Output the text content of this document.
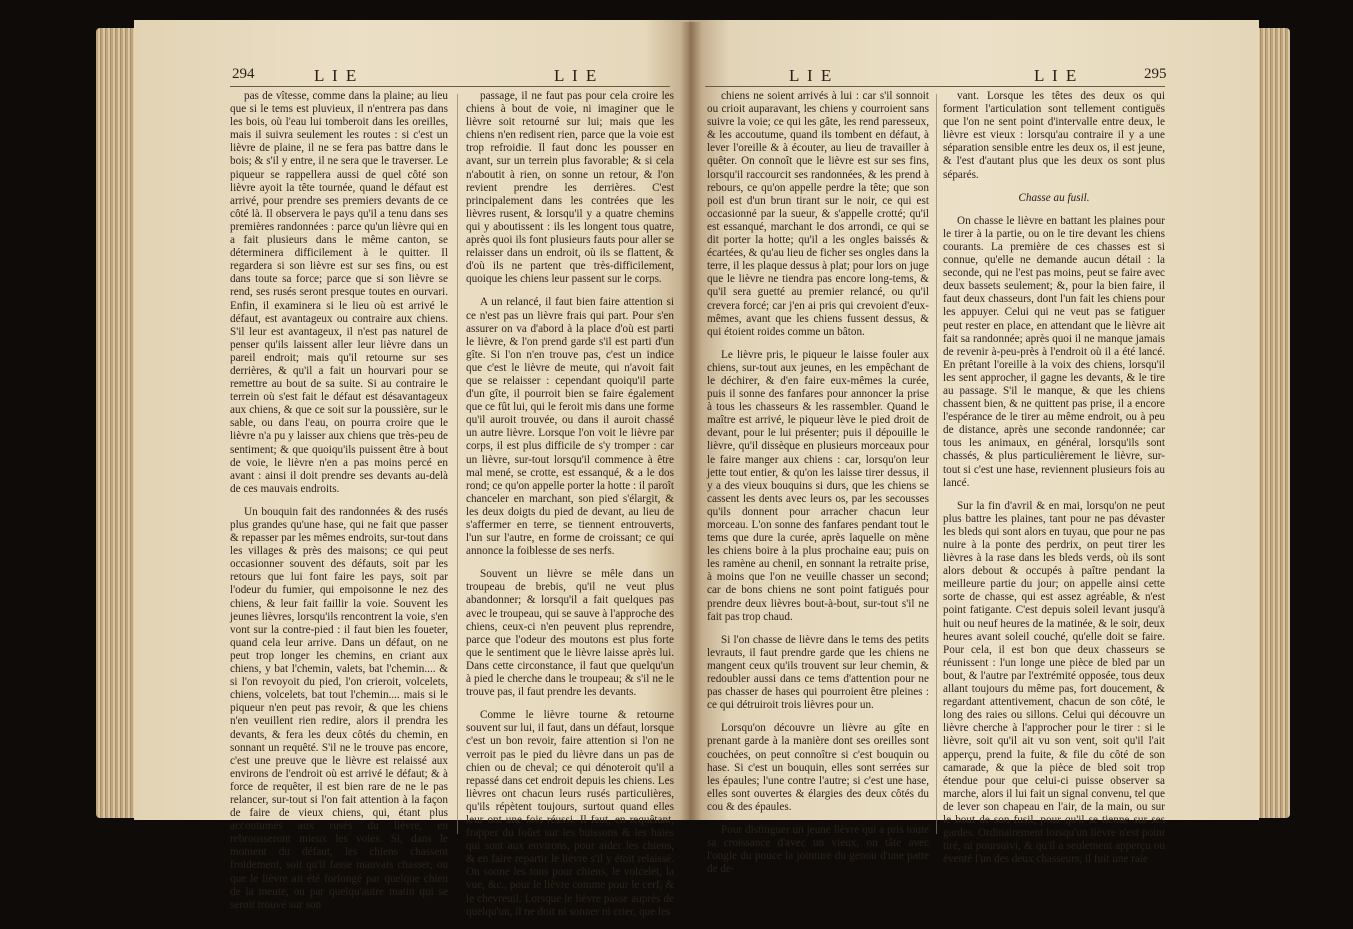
294	L I E	L I E

pas de vîtesse, comme dans la plaine; au lieu que si le tems est pluvieux, il n'entrera pas dans les bois, où l'eau lui tomberoit dans les oreilles, mais il suivra seulement les routes : si c'est un lièvre de plaine, il ne se fera pas battre dans le bois; & s'il y entre, il ne sera que le traverser. Le piqueur se rappellera aussi de quel côté son lièvre ayoit la tête tournée, quand le défaut est arrivé, pour prendre ses premiers devants de ce côté là. Il observera le pays qu'il a tenu dans ses premières randonnées : parce qu'un lièvre qui en a fait plusieurs dans le même canton, se déterminera difficilement à le quitter. Il regardera si son lièvre est sur ses fins, ou est dans toute sa force; parce que si son lièvre se rend, ses rusés seront presque toutes en ourvari. Enfin, il examinera si le lieu où est arrivé le défaut, est avantageux ou contraire aux chiens. S'il leur est avantageux, il n'est pas naturel de penser qu'ils laissent aller leur lièvre dans un pareil endroit; mais qu'il retourne sur ses derrières, & qu'il a fait un hourvari pour se remettre au bout de sa suite. Si au contraire le terrein où s'est fait le défaut est désavantageux aux chiens, & que ce soit sur la poussière, sur le sable, ou dans l'eau, on pourra croire que le lièvre n'a pu y laisser aux chiens que très-peu de sentiment; & que quoiqu'ils puissent être à bout de voie, le lièvre n'en a pas moins percé en avant : ainsi il doit prendre ses devants au-delà de ces mauvais endroits.

Un bouquin fait des randonnées & des rusés plus grandes qu'une hase, qui ne fait que passer & repasser par les mêmes endroits, sur-tout dans les villages & près des maisons; ce qui peut occasionner souvent des défauts, soit par les retours que lui font faire les pays, soit par l'odeur du fumier, qui empoisonne le nez des chiens, & leur fait faillir la voie. Souvent les jeunes lièvres, lorsqu'ils rencontrent la voie, s'en vont sur la contre-pied : il faut bien les foueter, quand cela leur arrive. Dans un défaut, on ne peut trop longer les chemins, en criant aux chiens, y bat l'chemin, valets, bat l'chemin.... & si l'on revoyoit du pied, l'on crieroit, volcelets, chiens, volcelets, bat tout l'chemin.... mais si le piqueur n'en peut pas revoir, & que les chiens n'en veuillent rien redire, alors il prendra les devants, & fera les deux côtés du chemin, en sonnant un requêté. S'il ne le trouve pas encore, c'est une preuve que le lièvre est relaissé aux environs de l'endroit où est arrivé le défaut; & à force de requêter, il est bien rare de ne le pas relancer, sur-tout si l'on fait attention à la façon de faire de vieux chiens, qui, étant plus accoutumés aux rusés du lièvre, en rebrousseront mieux les voies. Si, dans le moment du défaut, les chiens chassent froidement, soit qu'il fasse mauvais chasser, ou que le lièvre ait été forlongé par quelque chien de la meute, ou par quelqu'autre matin qui se seroit trouvé sur son

passage, il ne faut pas pour cela croire les chiens à bout de voie, ni imaginer que le lièvre soit retourné sur lui; mais que les chiens n'en redisent rien, parce que la voie est trop refroidie. Il faut donc les pousser en avant, sur un terrein plus favorable; & si cela n'aboutit à rien, on sonne un retour, & l'on revient prendre les derrières. C'est principalement dans les contrées que les lièvres rusent, & lorsqu'il y a quatre chemins qui y aboutissent : ils les longent tous quatre, après quoi ils font plusieurs fauts pour aller se relaisser dans un endroit, où ils se flattent, & d'où ils ne partent que très-difficilement, quoique les chiens leur passent sur le corps.

A un relancé, il faut bien faire attention si ce n'est pas un lièvre frais qui part. Pour s'en assurer on va d'abord à la place d'où est parti le lièvre, & l'on prend garde s'il est parti d'un gîte. Si l'on n'en trouve pas, c'est un indice que c'est le lièvre de meute, qui n'avoit fait que se relaisser : cependant quoiqu'il parte d'un gîte, il pourroit bien se faire également que ce fût lui, qui le feroit mis dans une forme qu'il auroit trouvée, ou dans il auroit chassé un autre lièvre. Lorsque l'on voit le lièvre par corps, il est plus difficile de s'y tromper : car un lièvre, sur-tout lorsqu'il commence à être mal mené, se crotte, est essanqué, & a le dos rond; ce qu'on appelle porter la hotte : il paroît chanceler en marchant, son pied s'élargit, & les deux doigts du pied de devant, au lieu de s'affermer en terre, se tiennent entrouverts, l'un sur l'autre, en forme de croissant; ce qui annonce la foiblesse de ses nerfs.

Souvent un lièvre se mêle dans un troupeau de brebis, qu'il ne veut plus abandonner; & lorsqu'il a fait quelques pas avec le troupeau, qui se sauve à l'approche des chiens, ceux-ci n'en peuvent plus reprendre, parce que l'odeur des moutons est plus forte que le sentiment que le lièvre laisse après lui. Dans cette circonstance, il faut que quelqu'un à pied le cherche dans le troupeau; & s'il ne le trouve pas, il faut prendre les devants.

Comme le lièvre tourne & retourne souvent sur lui, il faut, dans un défaut, lorsque c'est un bon revoir, faire attention si l'on ne verroit pas le pied du lièvre dans un pas de chien ou de cheval; ce qui dénoteroit qu'il a repassé dans cet endroit depuis les chiens. Les lièvres ont chacun leurs rusés particulières, qu'ils répètent toujours, surtout quand elles leur ont une fois réussi. Il faut, en requêtant, frapper du foûet sur les buissons & les haies qui sont aux environs, pour aider les chiens, & en faire repartir le lièvre s'il y étoit relaissé. On sonne les tons pour chiens, le volcelet, la vue, &c., pour le lièvre comme pour le cerf, & le chevreuil. Lorsque le lièvre passe auprès de quelqu'un, il ne doit ni sonner ni crier, que les

L I E	L I E	295

chiens ne soient arrivés à lui : car s'il sonnoit ou crioit auparavant, les chiens y courroient sans suivre la voie; ce qui les gâte, les rend paresseux, & les accoutume, quand ils tombent en défaut, à lever l'oreille & à écouter, au lieu de travailler à quêter. On connoît que le lièvre est sur ses fins, lorsqu'il raccourcit ses randonnées, & les prend à rebours, ce qu'on appelle perdre la tête; que son poil est d'un brun tirant sur le noir, ce qui est occasionné par la sueur, & s'appelle crotté; qu'il est essanqué, marchant le dos arrondi, ce qui se dit porter la hotte; qu'il a les ongles baissés & écartées, & qu'au lieu de ficher ses ongles dans la terre, il les plaque dessus à plat; pour lors on juge que le lièvre ne tiendra pas encore long-tems, & qu'il sera guetté au premier relancé, ou qu'il crevera forcé; car j'en ai pris qui crevoient d'eux-mêmes, avant que les chiens fussent dessus, & qui étoient roides comme un bâton.

Le lièvre pris, le piqueur le laisse fouler aux chiens, sur-tout aux jeunes, en les empêchant de le déchirer, & d'en faire eux-mêmes la curée, puis il sonne des fanfares pour annoncer la prise à tous les chasseurs & les rassembler. Quand le maître est arrivé, le piqueur lève le pied droit de devant, pour le lui présenter; puis il dépouille le lièvre, qu'il dissèque en plusieurs morceaux pour le faire manger aux chiens : car, lorsqu'on leur jette tout entier, & qu'on les laisse tirer dessus, il y a des vieux bouquins si durs, que les chiens se cassent les dents avec leurs os, par les secousses qu'ils donnent pour arracher chacun leur morceau. L'on sonne des fanfares pendant tout le tems que dure la curée, après laquelle on mène les chiens boire à la plus prochaine eau; puis on les ramène au chenil, en sonnant la retraite prise, à moins que l'on ne veuille chasser un second; car de bons chiens ne sont point fatigués pour prendre deux lièvres bout-à-bout, sur-tout s'il ne fait pas trop chaud.

Si l'on chasse de lièvre dans le tems des petits levrauts, il faut prendre garde que les chiens ne mangent ceux qu'ils trouvent sur leur chemin, & redoubler aussi dans ce tems d'attention pour ne pas chasser de hases qui pourroient être pleines : ce qui détruiroit trois lièvres pour un.

Lorsqu'on découvre un lièvre au gîte en prenant garde à la manière dont ses oreilles sont couchées, on peut connoître si c'est bouquin ou hase. Si c'est un bouquin, elles sont serrées sur les épaules; l'une contre l'autre; si c'est une hase, elles sont ouvertes & élargies des deux côtés du cou & des épaules.

Pour distinguer un jeune lièvre qui a pris toute sa croissance d'avec un vieux, on tâte avec l'ongle du pouce la jointure du genou d'une patte de de-

vant. Lorsque les têtes des deux os qui forment l'articulation sont tellement contiguës que l'on ne sent point d'intervalle entre deux, le lièvre est vieux : lorsqu'au contraire il y a une séparation sensible entre les deux os, il est jeune, & l'est d'autant plus que les deux os sont plus séparés.

Chasse au fusil.

On chasse le lièvre en battant les plaines pour le tirer à la partie, ou on le tire devant les chiens courants. La première de ces chasses est si connue, qu'elle ne demande aucun détail : la seconde, qui ne l'est pas moins, peut se faire avec deux bassets seulement; &, pour la bien faire, il faut deux chasseurs, dont l'un fait les chiens pour les appuyer. Celui qui ne veut pas se fatiguer peut rester en place, en attendant que le lièvre ait fait sa randonnée; après quoi il ne manque jamais de revenir à-peu-près à l'endroit où il a été lancé. En prêtant l'oreille à la voix des chiens, lorsqu'il les sent approcher, il gagne les devants, & le tire au passage. S'il le manque, & que les chiens chassent bien, & ne quittent pas prise, il a encore l'espérance de le tirer au même endroit, ou à peu de distance, après une seconde randonnée; car tous les animaux, en général, lorsqu'ils sont chassés, & plus particulièrement le lièvre, sur-tout si c'est une hase, reviennent plusieurs fois au lancé.

Sur la fin d'avril & en mai, lorsqu'on ne peut plus battre les plaines, tant pour ne pas dévaster les bleds qui sont alors en tuyau, que pour ne pas nuire à la ponte des perdrix, on peut tirer les lièvres à la rase dans les bleds verds, où ils sont alors debout & occupés à paître pendant la meilleure partie du jour; on appelle ainsi cette sorte de chasse, qui est assez agréable, & n'est point fatigante. C'est depuis soleil levant jusqu'à huit ou neuf heures de la matinée, & le soir, deux heures avant soleil couché, qu'elle doit se faire. Pour cela, il est bon que deux chasseurs se réunissent : l'un longe une pièce de bled par un bout, & l'autre par l'extrémité opposée, tous deux allant toujours du même pas, fort doucement, & regardant attentivement, chacun de son côté, le long des raies ou sillons. Celui qui découvre un lièvre cherche à l'approcher pour le tirer : si le lièvre, soit qu'il ait vu son vent, soit qu'il l'ait apperçu, prend la fuite, & file du côté de son camarade, & que la pièce de bled soit trop étendue pour que celui-ci puisse observer sa marche, alors il lui fait un signal convenu, tel que de lever son chapeau en l'air, de la main, ou sur le bout de son fusil, pour qu'il se tienne sur ses gardes. Ordinairement lorsqu'un lièvre n'est point tiré, ni poursuivi, & qu'il a seulement apperçu ou éventé l'un des deux chasseurs, il fuit une raie
